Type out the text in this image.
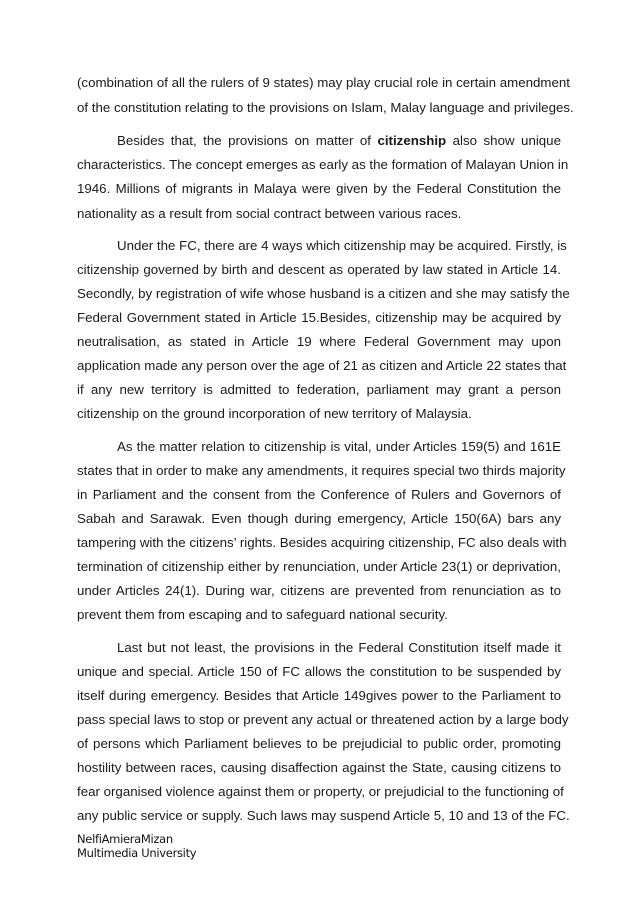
(combination of all the rulers of 9 states) may play crucial role in certain amendment
of the constitution relating to the provisions on Islam, Malay language and privileges.
Besides that, the provisions on matter of citizenship also show unique
characteristics. The concept emerges as early as the formation of Malayan Union in
1946. Millions of migrants in Malaya were given by the Federal Constitution the
nationality as a result from social contract between various races.
Under the FC, there are 4 ways which citizenship may be acquired. Firstly, is
citizenship governed by birth and descent as operated by law stated in Article 14.
Secondly, by registration of wife whose husband is a citizen and she may satisfy the
Federal Government stated in Article 15.Besides, citizenship may be acquired by
neutralisation, as stated in Article 19 where Federal Government may upon
application made any person over the age of 21 as citizen and Article 22 states that
if any new territory is admitted to federation, parliament may grant a person
citizenship on the ground incorporation of new territory of Malaysia.
As the matter relation to citizenship is vital, under Articles 159(5) and 161E
states that in order to make any amendments, it requires special two thirds majority
in Parliament and the consent from the Conference of Rulers and Governors of
Sabah and Sarawak. Even though during emergency, Article 150(6A) bars any
tampering with the citizens’ rights. Besides acquiring citizenship, FC also deals with
termination of citizenship either by renunciation, under Article 23(1) or deprivation,
under Articles 24(1). During war, citizens are prevented from renunciation as to
prevent them from escaping and to safeguard national security.
Last but not least, the provisions in the Federal Constitution itself made it
unique and special. Article 150 of FC allows the constitution to be suspended by
itself during emergency. Besides that Article 149gives power to the Parliament to
pass special laws to stop or prevent any actual or threatened action by a large body
of persons which Parliament believes to be prejudicial to public order, promoting
hostility between races, causing disaffection against the State, causing citizens to
fear organised violence against them or property, or prejudicial to the functioning of
any public service or supply. Such laws may suspend Article 5, 10 and 13 of the FC.
NelfiAmieraMizan
Multimedia University
